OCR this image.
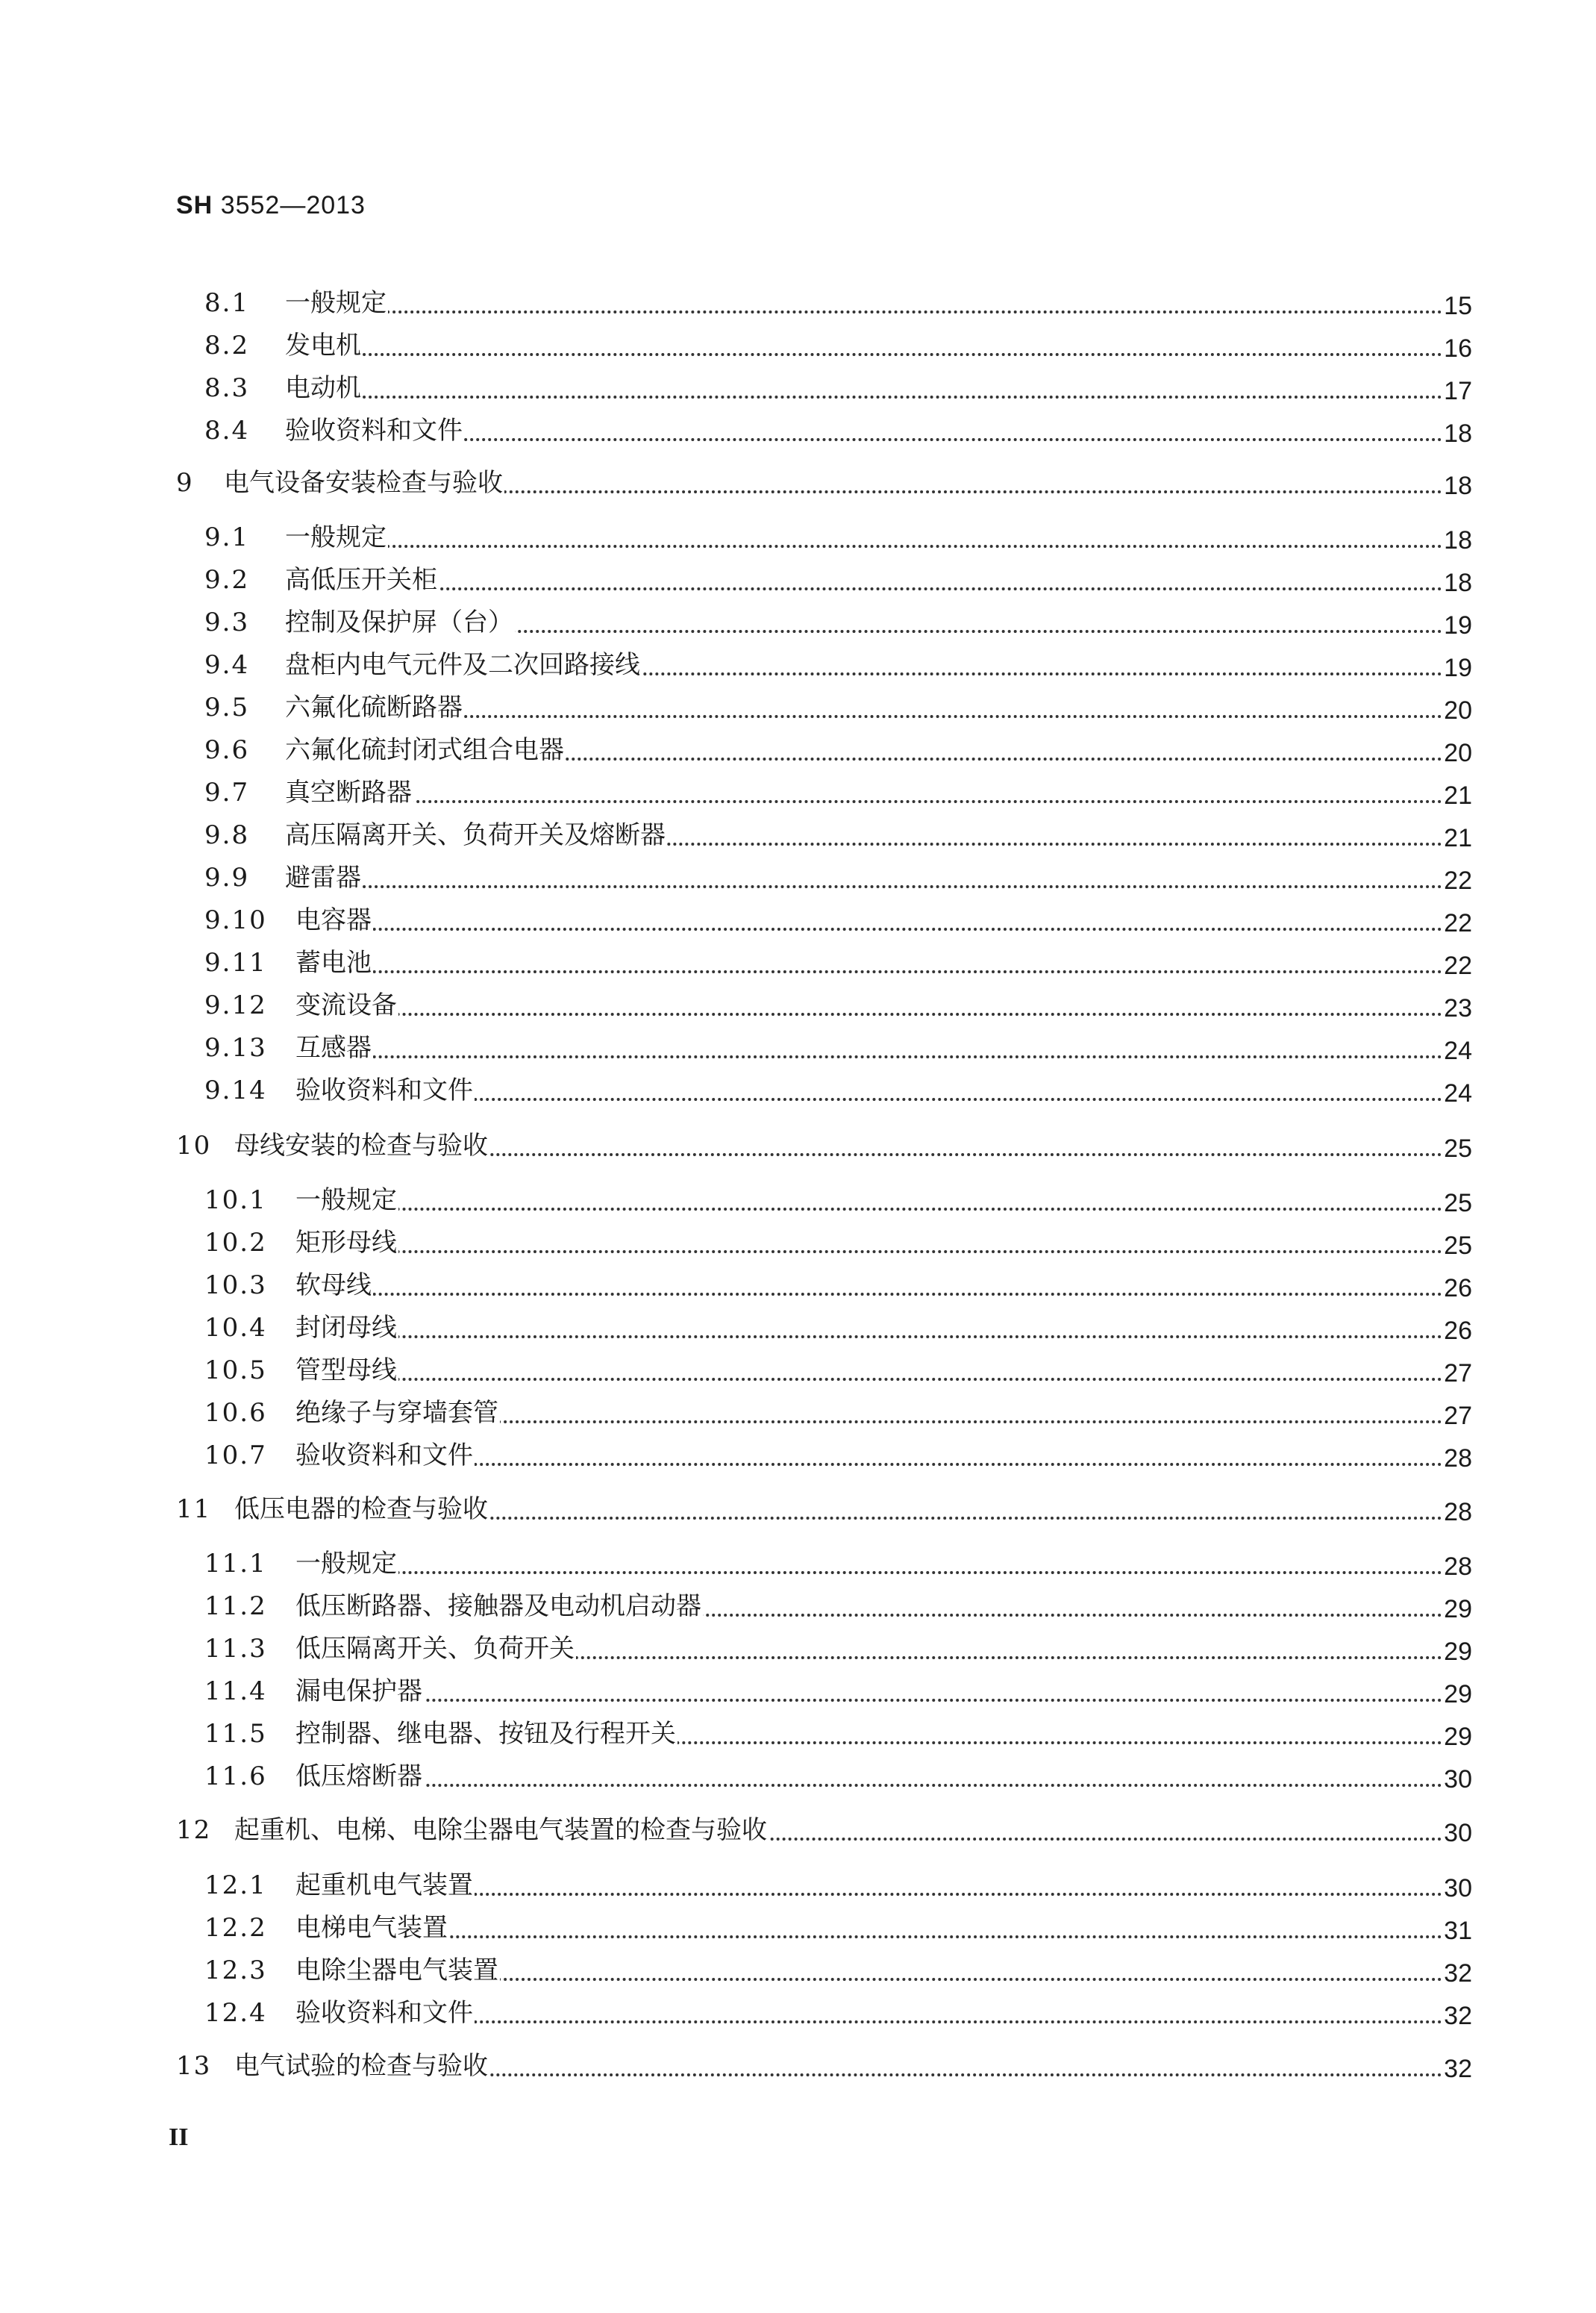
SH 3552—2013
8.1 一般规定	15
8.2 发电机	16
8.3 电动机	17
8.4 验收资料和文件	18
9 电气设备安装检查与验收	18
9.1 一般规定	18
9.2 高低压开关柜	18
9.3 控制及保护屏（台）	19
9.4 盘柜内电气元件及二次回路接线	19
9.5 六氟化硫断路器	20
9.6 六氟化硫封闭式组合电器	20
9.7 真空断路器	21
9.8 高压隔离开关、负荷开关及熔断器	21
9.9 避雷器	22
9.10 电容器	22
9.11 蓄电池	22
9.12 变流设备	23
9.13 互感器	24
9.14 验收资料和文件	24
10 母线安装的检查与验收	25
10.1 一般规定	25
10.2 矩形母线	25
10.3 软母线	26
10.4 封闭母线	26
10.5 管型母线	27
10.6 绝缘子与穿墙套管	27
10.7 验收资料和文件	28
11 低压电器的检查与验收	28
11.1 一般规定	28
11.2 低压断路器、接触器及电动机启动器	29
11.3 低压隔离开关、负荷开关	29
11.4 漏电保护器	29
11.5 控制器、继电器、按钮及行程开关	29
11.6 低压熔断器	30
12 起重机、电梯、电除尘器电气装置的检查与验收	30
12.1 起重机电气装置	30
12.2 电梯电气装置	31
12.3 电除尘器电气装置	32
12.4 验收资料和文件	32
13 电气试验的检查与验收	32
II
